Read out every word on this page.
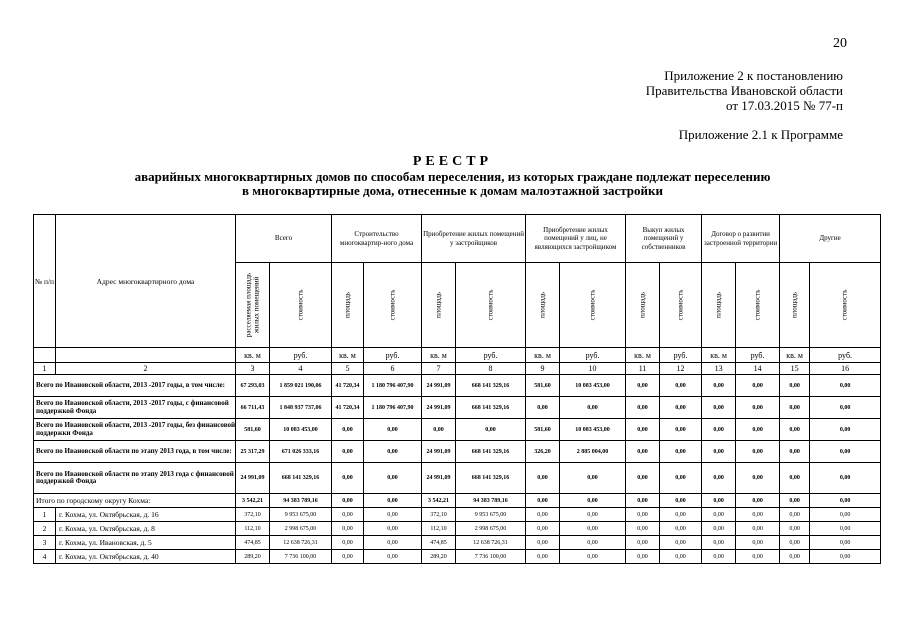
20
Приложение 2 к постановлению
Правительства Ивановской области
от 17.03.2015 № 77-п
Приложение 2.1 к Программе
РЕЕСТР
аварийных многоквартирных домов по способам переселения, из которых граждане подлежат переселению
в многоквартирные дома, отнесенные к домам малоэтажной застройки
№ п/п	Адрес многоквартирного дома	Всего		Строительство многоквартир-ного дома		Приобретение жилых помещений у застройщиков		Приобретение жилых помещений у лиц, не являющихся застройщиком		Выкуп жилых помещений у собственников		Договор о развитии застроенной территории		Другие	

		расселяемая площадь жилых помещений	стоимость	площадь	стоимость	площадь	стоимость	площадь	стоимость	площадь	стоимость	площадь	стоимость	площадь	стоимость

		кв. м	руб.	кв. м	руб.	кв. м	руб.	кв. м	руб.	кв. м	руб.	кв. м	руб.	кв. м	руб.
1	2	3	4	5	6	7	8	9	10	11	12	13	14	15	16
Всего по Ивановской области, 2013 -2017 годы, в том числе:		67 293,03	1 859 021 190,06	41 720,34	1 180 796 407,90	24 991,09	668 141 329,16	581,60	10 083 453,00	0,00	0,00	0,00	0,00	0,00	0,00
Всего по Ивановской области, 2013 -2017 годы, с финансовой поддержкой Фонда		66 711,43	1 848 937 737,06	41 720,34	1 180 796 407,90	24 991,09	668 141 329,16	0,00	0,00	0,00	0,00	0,00	0,00	0,00	0,00
Всего по Ивановской области, 2013 -2017 годы, без финансовой поддержки Фонда		581,60	10 083 453,00	0,00	0,00	0,00	0,00	581,60	10 083 453,00	0,00	0,00	0,00	0,00	0,00	0,00
Всего по Ивановской области по этапу 2013 года, в том числе:		25 317,29	671 026 333,16	0,00	0,00	24 991,09	668 141 329,16	326,20	2 885 004,00	0,00	0,00	0,00	0,00	0,00	0,00
Всего по Ивановской области по этапу 2013 года с финансовой поддержкой Фонда		24 991,09	668 141 329,16	0,00	0,00	24 991,09	668 141 329,16	0,00	0,00	0,00	0,00	0,00	0,00	0,00	0,00
Итого по городскому округу Кохма:		3 542,21	94 383 789,16	0,00	0,00	3 542,21	94 383 789,16	0,00	0,00	0,00	0,00	0,00	0,00	0,00	0,00
1	г. Кохма, ул. Октябрьская, д. 16	372,10	9 953 675,00	0,00	0,00	372,10	9 953 675,00	0,00	0,00	0,00	0,00	0,00	0,00	0,00	0,00
2	г. Кохма, ул. Октябрьская, д. 8	112,10	2 998 675,00	0,00	0,00	112,10	2 998 675,00	0,00	0,00	0,00	0,00	0,00	0,00	0,00	0,00
3	г. Кохма, ул. Ивановская, д. 5	474,85	12 638 726,31	0,00	0,00	474,85	12 638 726,31	0,00	0,00	0,00	0,00	0,00	0,00	0,00	0,00
4	г. Кохма, ул. Октябрьская, д. 40	289,20	7 736 100,00	0,00	0,00	289,20	7 736 100,00	0,00	0,00	0,00	0,00	0,00	0,00	0,00	0,00
